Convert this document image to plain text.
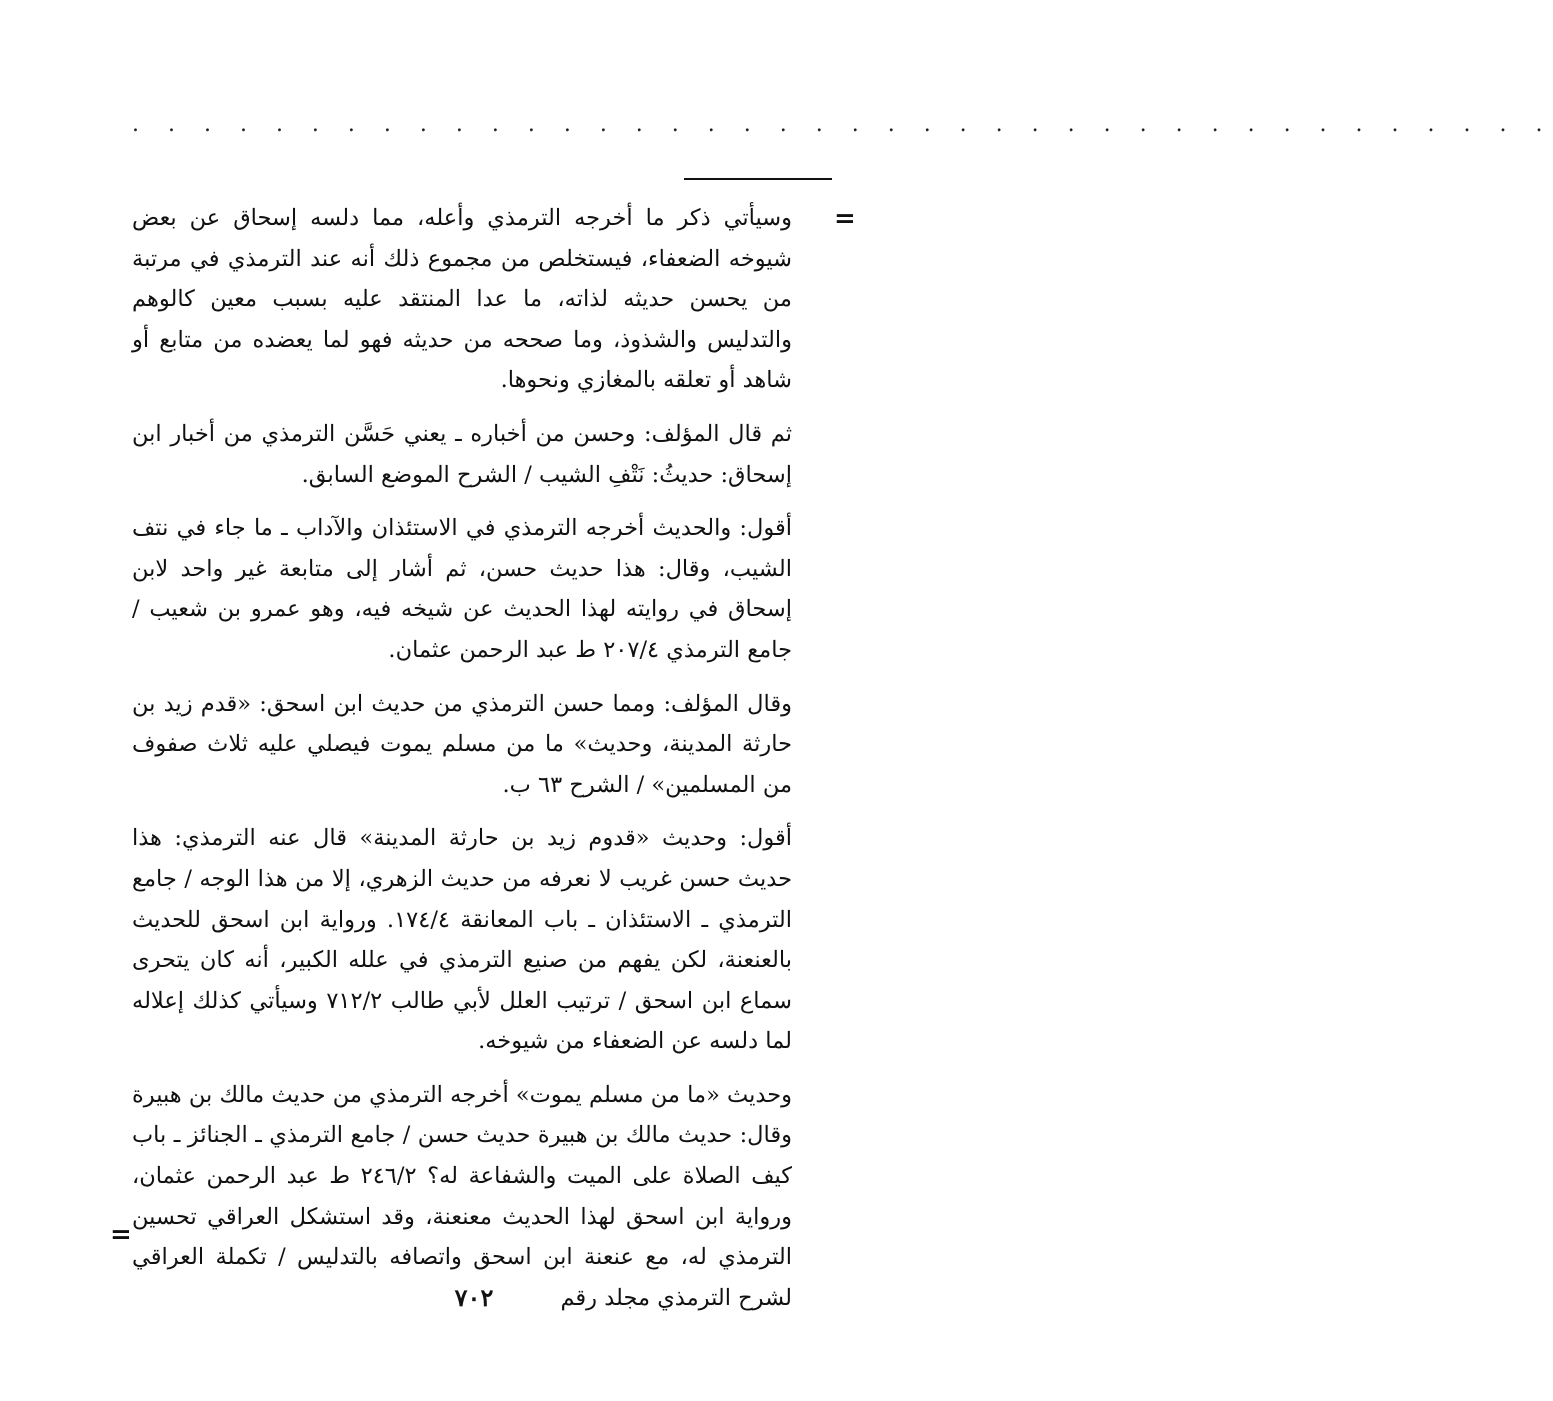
. . . . . . . . . . . . . . . . . . . . . . . . . . . . . . . . . . . . . . . .
=

وسيأتي ذكر ما أخرجه الترمذي وأعله، مما دلسه إسحاق عن بعض شيوخه الضعفاء، فيستخلص من مجموع ذلك أنه عند الترمذي في مرتبة من يحسن حديثه لذاته، ما عدا المنتقد عليه بسبب معين كالوهم والتدليس والشذوذ، وما صححه من حديثه فهو لما يعضده من متابع أو شاهد أو تعلقه بالمغازي ونحوها.

ثم قال المؤلف: وحسن من أخباره ـ يعني حَسَّن الترمذي من أخبار ابن إسحاق: حديثُ: نَتْفِ الشيب / الشرح الموضع السابق.

أقول: والحديث أخرجه الترمذي في الاستئذان والآداب ـ ما جاء في نتف الشيب، وقال: هذا حديث حسن، ثم أشار إلى متابعة غير واحد لابن إسحاق في روايته لهذا الحديث عن شيخه فيه، وهو عمرو بن شعيب / جامع الترمذي ٢٠٧/٤ ط عبد الرحمن عثمان.

وقال المؤلف: ومما حسن الترمذي من حديث ابن اسحق: «قدم زيد بن حارثة المدينة، وحديث» ما من مسلم يموت فيصلي عليه ثلاث صفوف من المسلمين» / الشرح ٦٣ ب.

أقول: وحديث «قدوم زيد بن حارثة المدينة» قال عنه الترمذي: هذا حديث حسن غريب لا نعرفه من حديث الزهري، إلا من هذا الوجه / جامع الترمذي ـ الاستئذان ـ باب المعانقة ١٧٤/٤. ورواية ابن اسحق للحديث بالعنعنة، لكن يفهم من صنيع الترمذي في علله الكبير، أنه كان يتحرى سماع ابن اسحق / ترتيب العلل لأبي طالب ٧١٢/٢ وسيأتي كذلك إعلاله لما دلسه عن الضعفاء من شيوخه.

وحديث «ما من مسلم يموت» أخرجه الترمذي من حديث مالك بن هبيرة وقال: حديث مالك بن هبيرة حديث حسن / جامع الترمذي ـ الجنائز ـ باب كيف الصلاة على الميت والشفاعة له؟ ٢٤٦/٢ ط عبد الرحمن عثمان، ورواية ابن اسحق لهذا الحديث معنعنة، وقد استشكل العراقي تحسين الترمذي له، مع عنعنة ابن اسحق واتصافه بالتدليس / تكملة العراقي لشرح الترمذي مجلد رقم

=
٧٠٢
